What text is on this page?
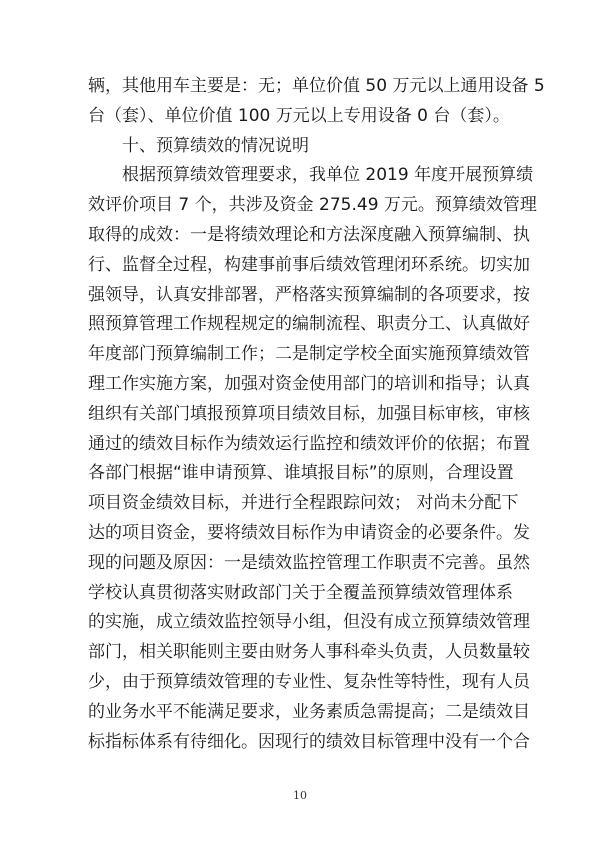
辆，其他用车主要是：无；单位价值 50 万元以上通用设备 5
台（套）、单位价值 100 万元以上专用设备 0 台（套）。
十、预算绩效的情况说明
根据预算绩效管理要求，我单位 2019 年度开展预算绩
效评价项目 7 个，共涉及资金 275.49 万元。预算绩效管理
取得的成效：一是将绩效理论和方法深度融入预算编制、执
行、监督全过程，构建事前事后绩效管理闭环系统。切实加
强领导，认真安排部署，严格落实预算编制的各项要求，按
照预算管理工作规程规定的编制流程、职责分工、认真做好
年度部门预算编制工作；二是制定学校全面实施预算绩效管
理工作实施方案，加强对资金使用部门的培训和指导；认真
组织有关部门填报预算项目绩效目标，加强目标审核，审核
通过的绩效目标作为绩效运行监控和绩效评价的依据；布置
各部门根据“谁申请预算、谁填报目标”的原则，合理设置
项目资金绩效目标，并进行全程跟踪问效； 对尚未分配下
达的项目资金，要将绩效目标作为申请资金的必要条件。发
现的问题及原因：一是绩效监控管理工作职责不完善。虽然
学校认真贯彻落实财政部门关于全覆盖预算绩效管理体系
的实施，成立绩效监控领导小组，但没有成立预算绩效管理
部门，相关职能则主要由财务人事科牵头负责，人员数量较
少，由于预算绩效管理的专业性、复杂性等特性，现有人员
的业务水平不能满足要求，业务素质急需提高；二是绩效目
标指标体系有待细化。因现行的绩效目标管理中没有一个合
10
